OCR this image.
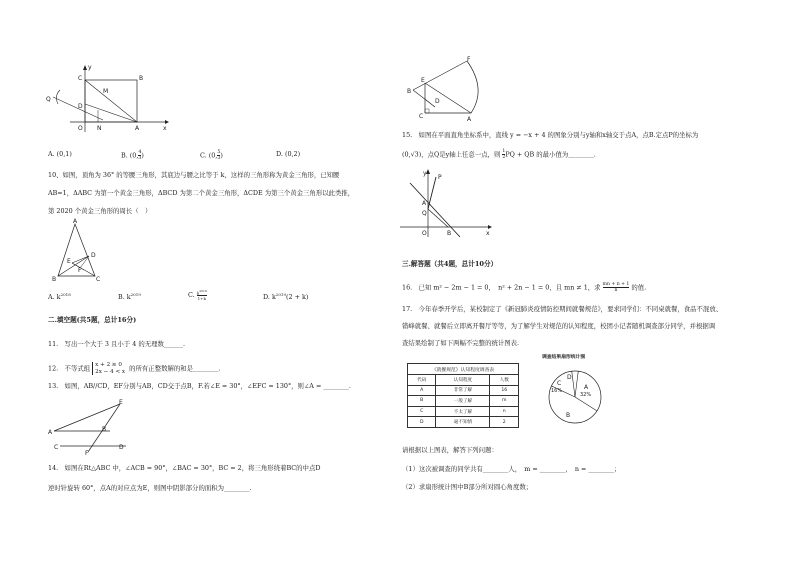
C	B
M
Q
D
O N	A	x
y
A. (0,1)	B. (0, $\frac{4}{3}$ )	C. (0, $\frac{5}{3}$ )	D. (0,2)
10、如图，顶角为 36° 的等腰三角形，其底边与腰之比等于 k，这样的三角形称为黄金三角形，已知腰
AB=1，ΔABC 为第一个黄金三角形，ΔBCD 为第二个黄金三角形，ΔCDE 为第三个黄金三角形以此类推，
第 2020 个黄金三角形的周长（　）
A
E
D
F
B	C
A. $k^{2018}$	B. $k^{2019}$	C. $\frac{k^{2019}}{1+k}$	D. $k^{2019}(2 + k)$
二.填空题(共5题，总计16分)
11.　写出一个大于 3 且小于 4 的无理数______.
12.　不等式组 x + 2 ≥ 0
2x − 4 < x 的所有正整数解的和是________.
13.　如图，AB//CD，EF分别与AB，CD交于点B，F.若∠E = 30°，∠EFC = 130°，则∠A = ________.
E
A	B
C	D
F
14.　如图在Rt△ABC 中，∠ACB = 90°，∠BAC = 30°，BC = 2，将三角形绕着BC的中点D
逆时针旋转 60°，点A的对应点为E，则图中阴影部分的面积为________.
E
B
C	A
D
F
15.　如图在平面直角坐标系中，直线 y = −x + 4 的图象分别与y轴和x轴交于点A，点B.定点P的坐标为
(0,√3)，点Q是y轴上任意一点，则 $\frac{1}{2}$ PQ + QB 的最小值为________.
y
P
A
Q
O	B	x
三.解答题（共4题，总计10分）
16.　已知 m² − 2m − 1 = 0，　n² + 2n − 1 = 0，且 mn ≠ 1，求 $\frac{mn + n + 1}{n}$ 的值.
17.　今年春季开学后，某校制定了《新冠肺炎疫情防控期间就餐规范》，要求同学们：不同桌就餐，食品不混放、
错峰就餐、就餐后立即离开餐厅等等，为了解学生对规范的认知程度，校团小记者随机调查部分同学，并根据调
查结果绘制了如下两幅不完整的统计图表.
《就餐规范》认知程度调查表		
代码	认知程度	人数
A	非常了解	16
B	一般了解	m
C	不太了解	n
D	毫不知情	2
调查结果扇形统计图
A
32%
C
16%
D
B
请根据以上图表，解答下列问题：
（1）这次被调查的同学共有________人，　m = ________，　n = ________；
（2）求扇形统计图中B部分所对圆心角度数；
